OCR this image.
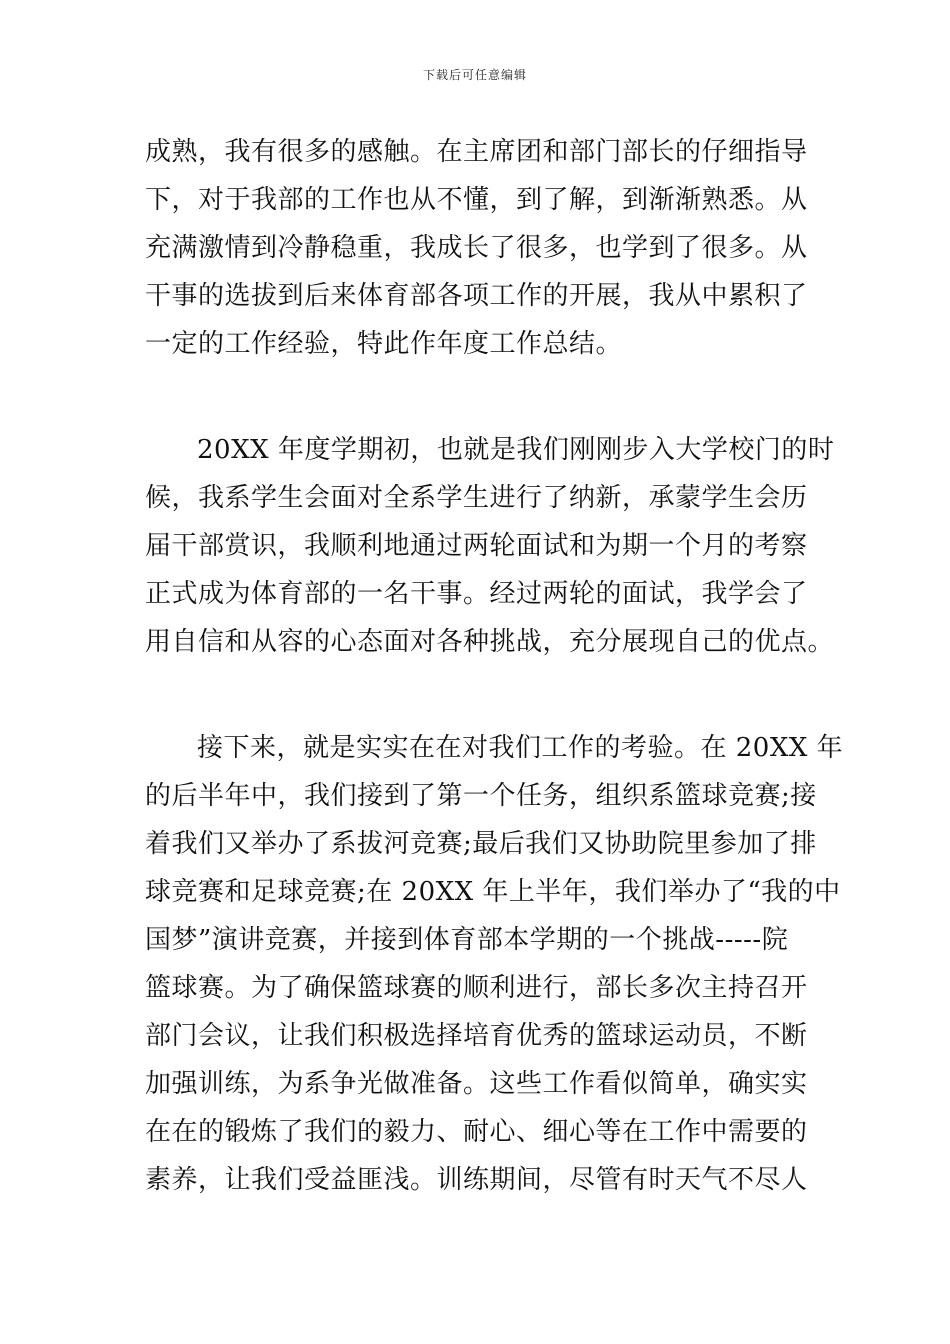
下载后可任意编辑
成熟，我有很多的感触。在主席团和部门部长的仔细指导
下，对于我部的工作也从不懂，到了解，到渐渐熟悉。从
充满激情到冷静稳重，我成长了很多，也学到了很多。从
干事的选拔到后来体育部各项工作的开展，我从中累积了
一定的工作经验，特此作年度工作总结。
20XX 年度学期初，也就是我们刚刚步入大学校门的时
候，我系学生会面对全系学生进行了纳新，承蒙学生会历
届干部赏识，我顺利地通过两轮面试和为期一个月的考察
正式成为体育部的一名干事。经过两轮的面试，我学会了
用自信和从容的心态面对各种挑战，充分展现自己的优点。
接下来，就是实实在在对我们工作的考验。在 20XX 年
的后半年中，我们接到了第一个任务，组织系篮球竞赛;接
着我们又举办了系拔河竞赛;最后我们又协助院里参加了排
球竞赛和足球竞赛;在 20XX 年上半年，我们举办了“我的中
国梦”演讲竞赛，并接到体育部本学期的一个挑战-----院
篮球赛。为了确保篮球赛的顺利进行，部长多次主持召开
部门会议，让我们积极选择培育优秀的篮球运动员，不断
加强训练，为系争光做准备。这些工作看似简单，确实实
在在的锻炼了我们的毅力、耐心、细心等在工作中需要的
素养，让我们受益匪浅。训练期间，尽管有时天气不尽人
